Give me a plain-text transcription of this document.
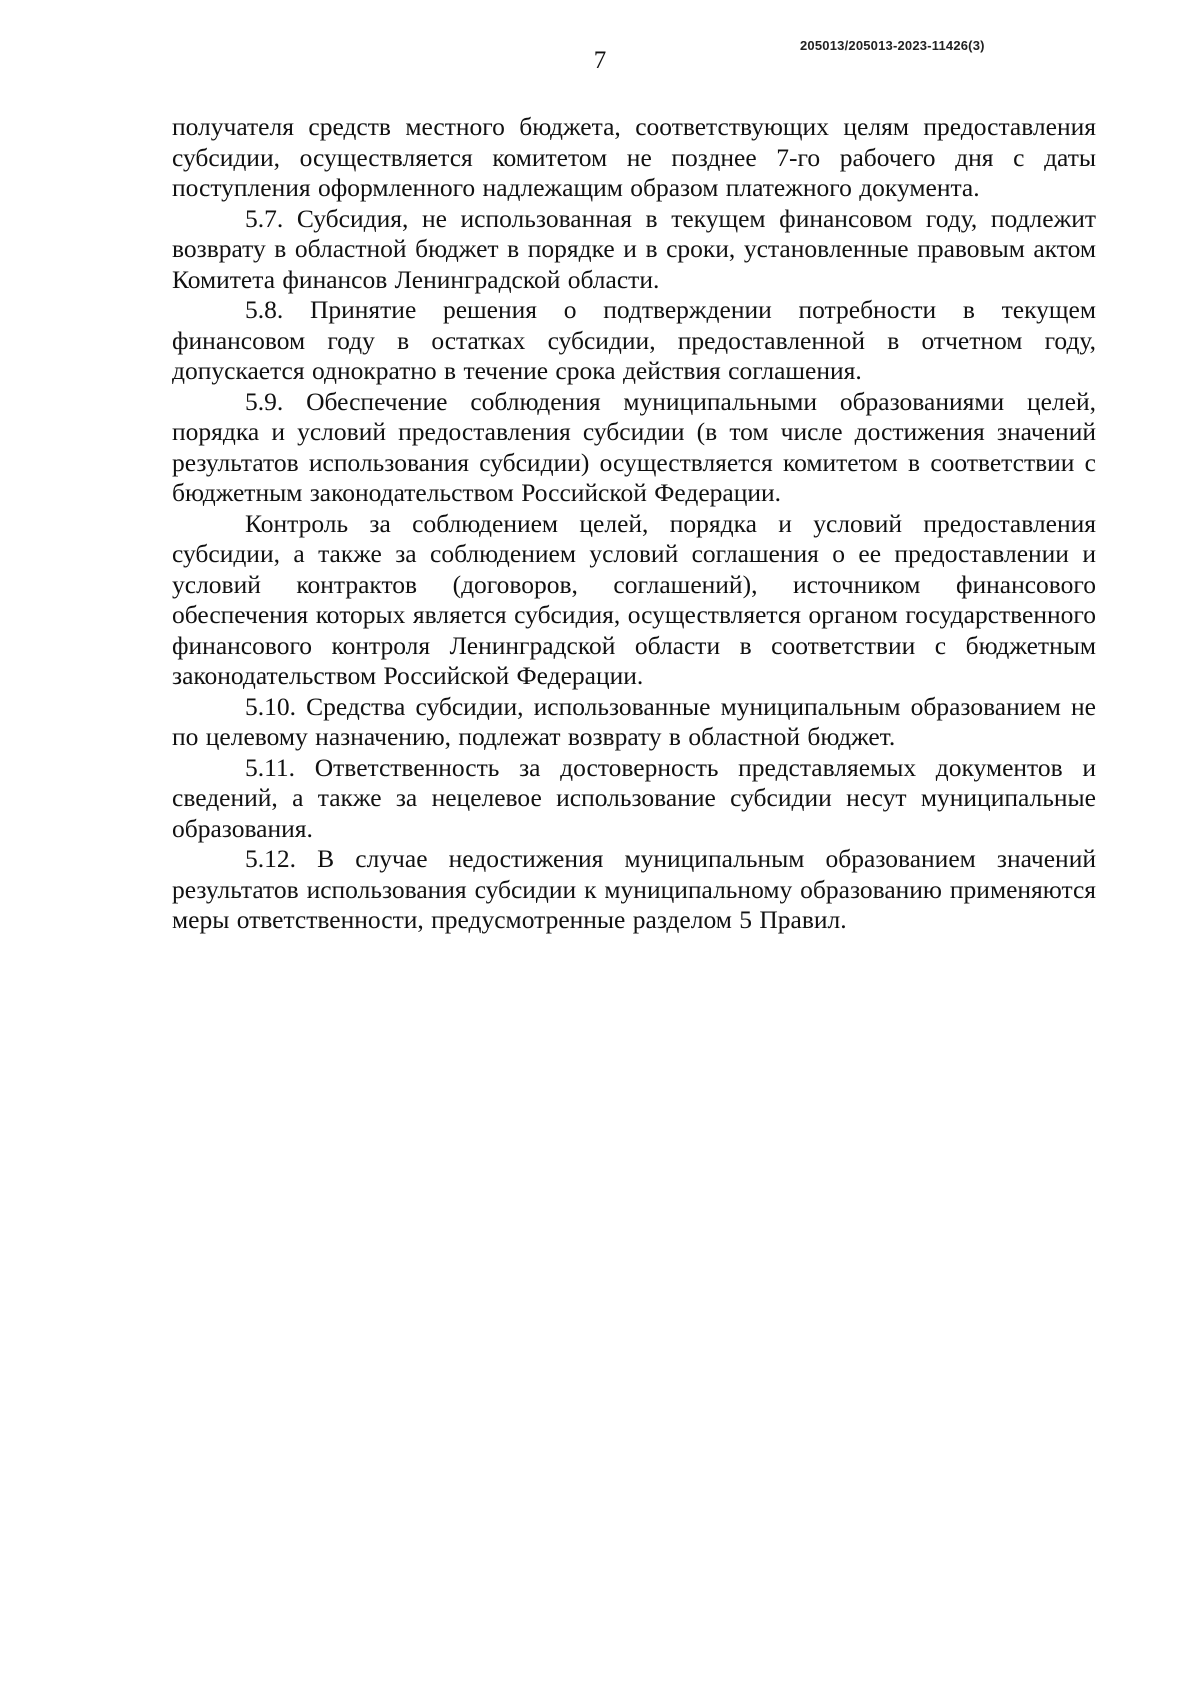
205013/205013-2023-11426(3)
7

получателя средств местного бюджета, соответствующих целям предоставления субсидии, осуществляется комитетом не позднее 7-го рабочего дня с даты поступления оформленного надлежащим образом платежного документа.

5.7. Субсидия, не использованная в текущем финансовом году, подлежит возврату в областной бюджет в порядке и в сроки, установленные правовым актом Комитета финансов Ленинградской области.

5.8. Принятие решения о подтверждении потребности в текущем финансовом году в остатках субсидии, предоставленной в отчетном году, допускается однократно в течение срока действия соглашения.

5.9. Обеспечение соблюдения муниципальными образованиями целей, порядка и условий предоставления субсидии (в том числе достижения значений результатов использования субсидии) осуществляется комитетом в соответствии с бюджетным законодательством Российской Федерации.

Контроль за соблюдением целей, порядка и условий предоставления субсидии, а также за соблюдением условий соглашения о ее предоставлении и условий контрактов (договоров, соглашений), источником финансового обеспечения которых является субсидия, осуществляется органом государственного финансового контроля Ленинградской области в соответствии с бюджетным законодательством Российской Федерации.

5.10. Средства субсидии, использованные муниципальным образованием не по целевому назначению, подлежат возврату в областной бюджет.

5.11. Ответственность за достоверность представляемых документов и сведений, а также за нецелевое использование субсидии несут муниципальные образования.

5.12. В случае недостижения муниципальным образованием значений результатов использования субсидии к муниципальному образованию применяются меры ответственности, предусмотренные разделом 5 Правил.
